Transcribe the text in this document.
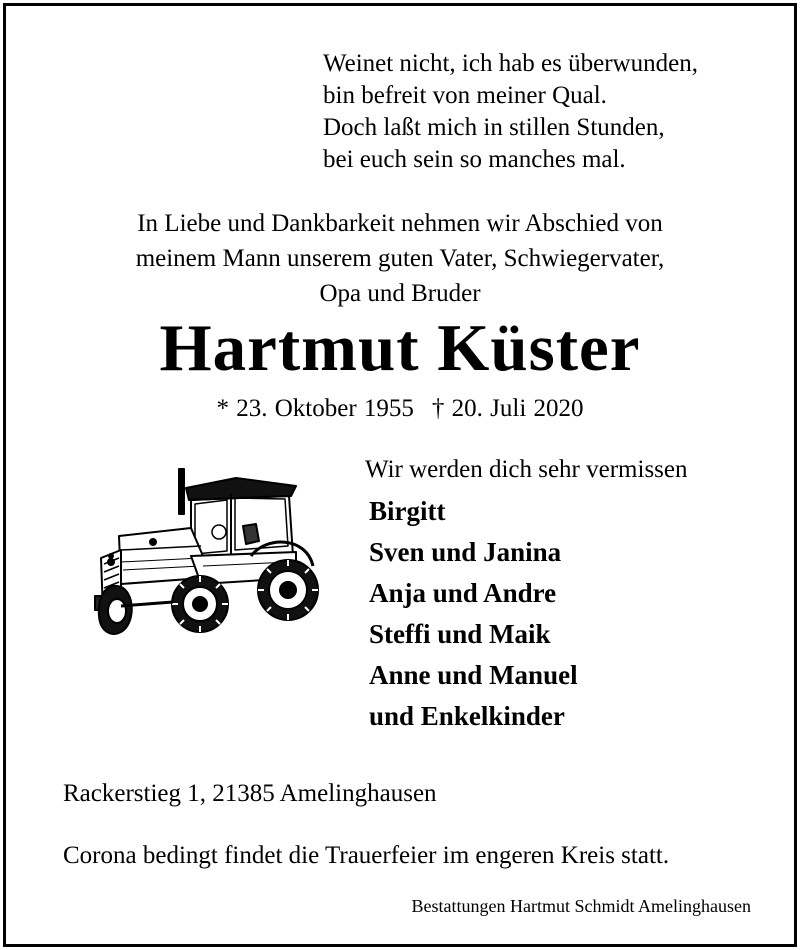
Weinet nicht, ich hab es überwunden,
bin befreit von meiner Qual.
Doch laßt mich in stillen Stunden,
bei euch sein so manches mal.
In Liebe und Dankbarkeit nehmen wir Abschied von
meinem Mann unserem guten Vater, Schwiegervater,
Opa und Bruder
Hartmut Küster
* 23. Oktober 1955 † 20. Juli 2020
Wir werden dich sehr vermissen
Birgitt
Sven und Janina
Anja und Andre
Steffi und Maik
Anne und Manuel
und Enkelkinder
Rackerstieg 1, 21385 Amelinghausen
Corona bedingt findet die Trauerfeier im engeren Kreis statt.
Bestattungen Hartmut Schmidt Amelinghausen
